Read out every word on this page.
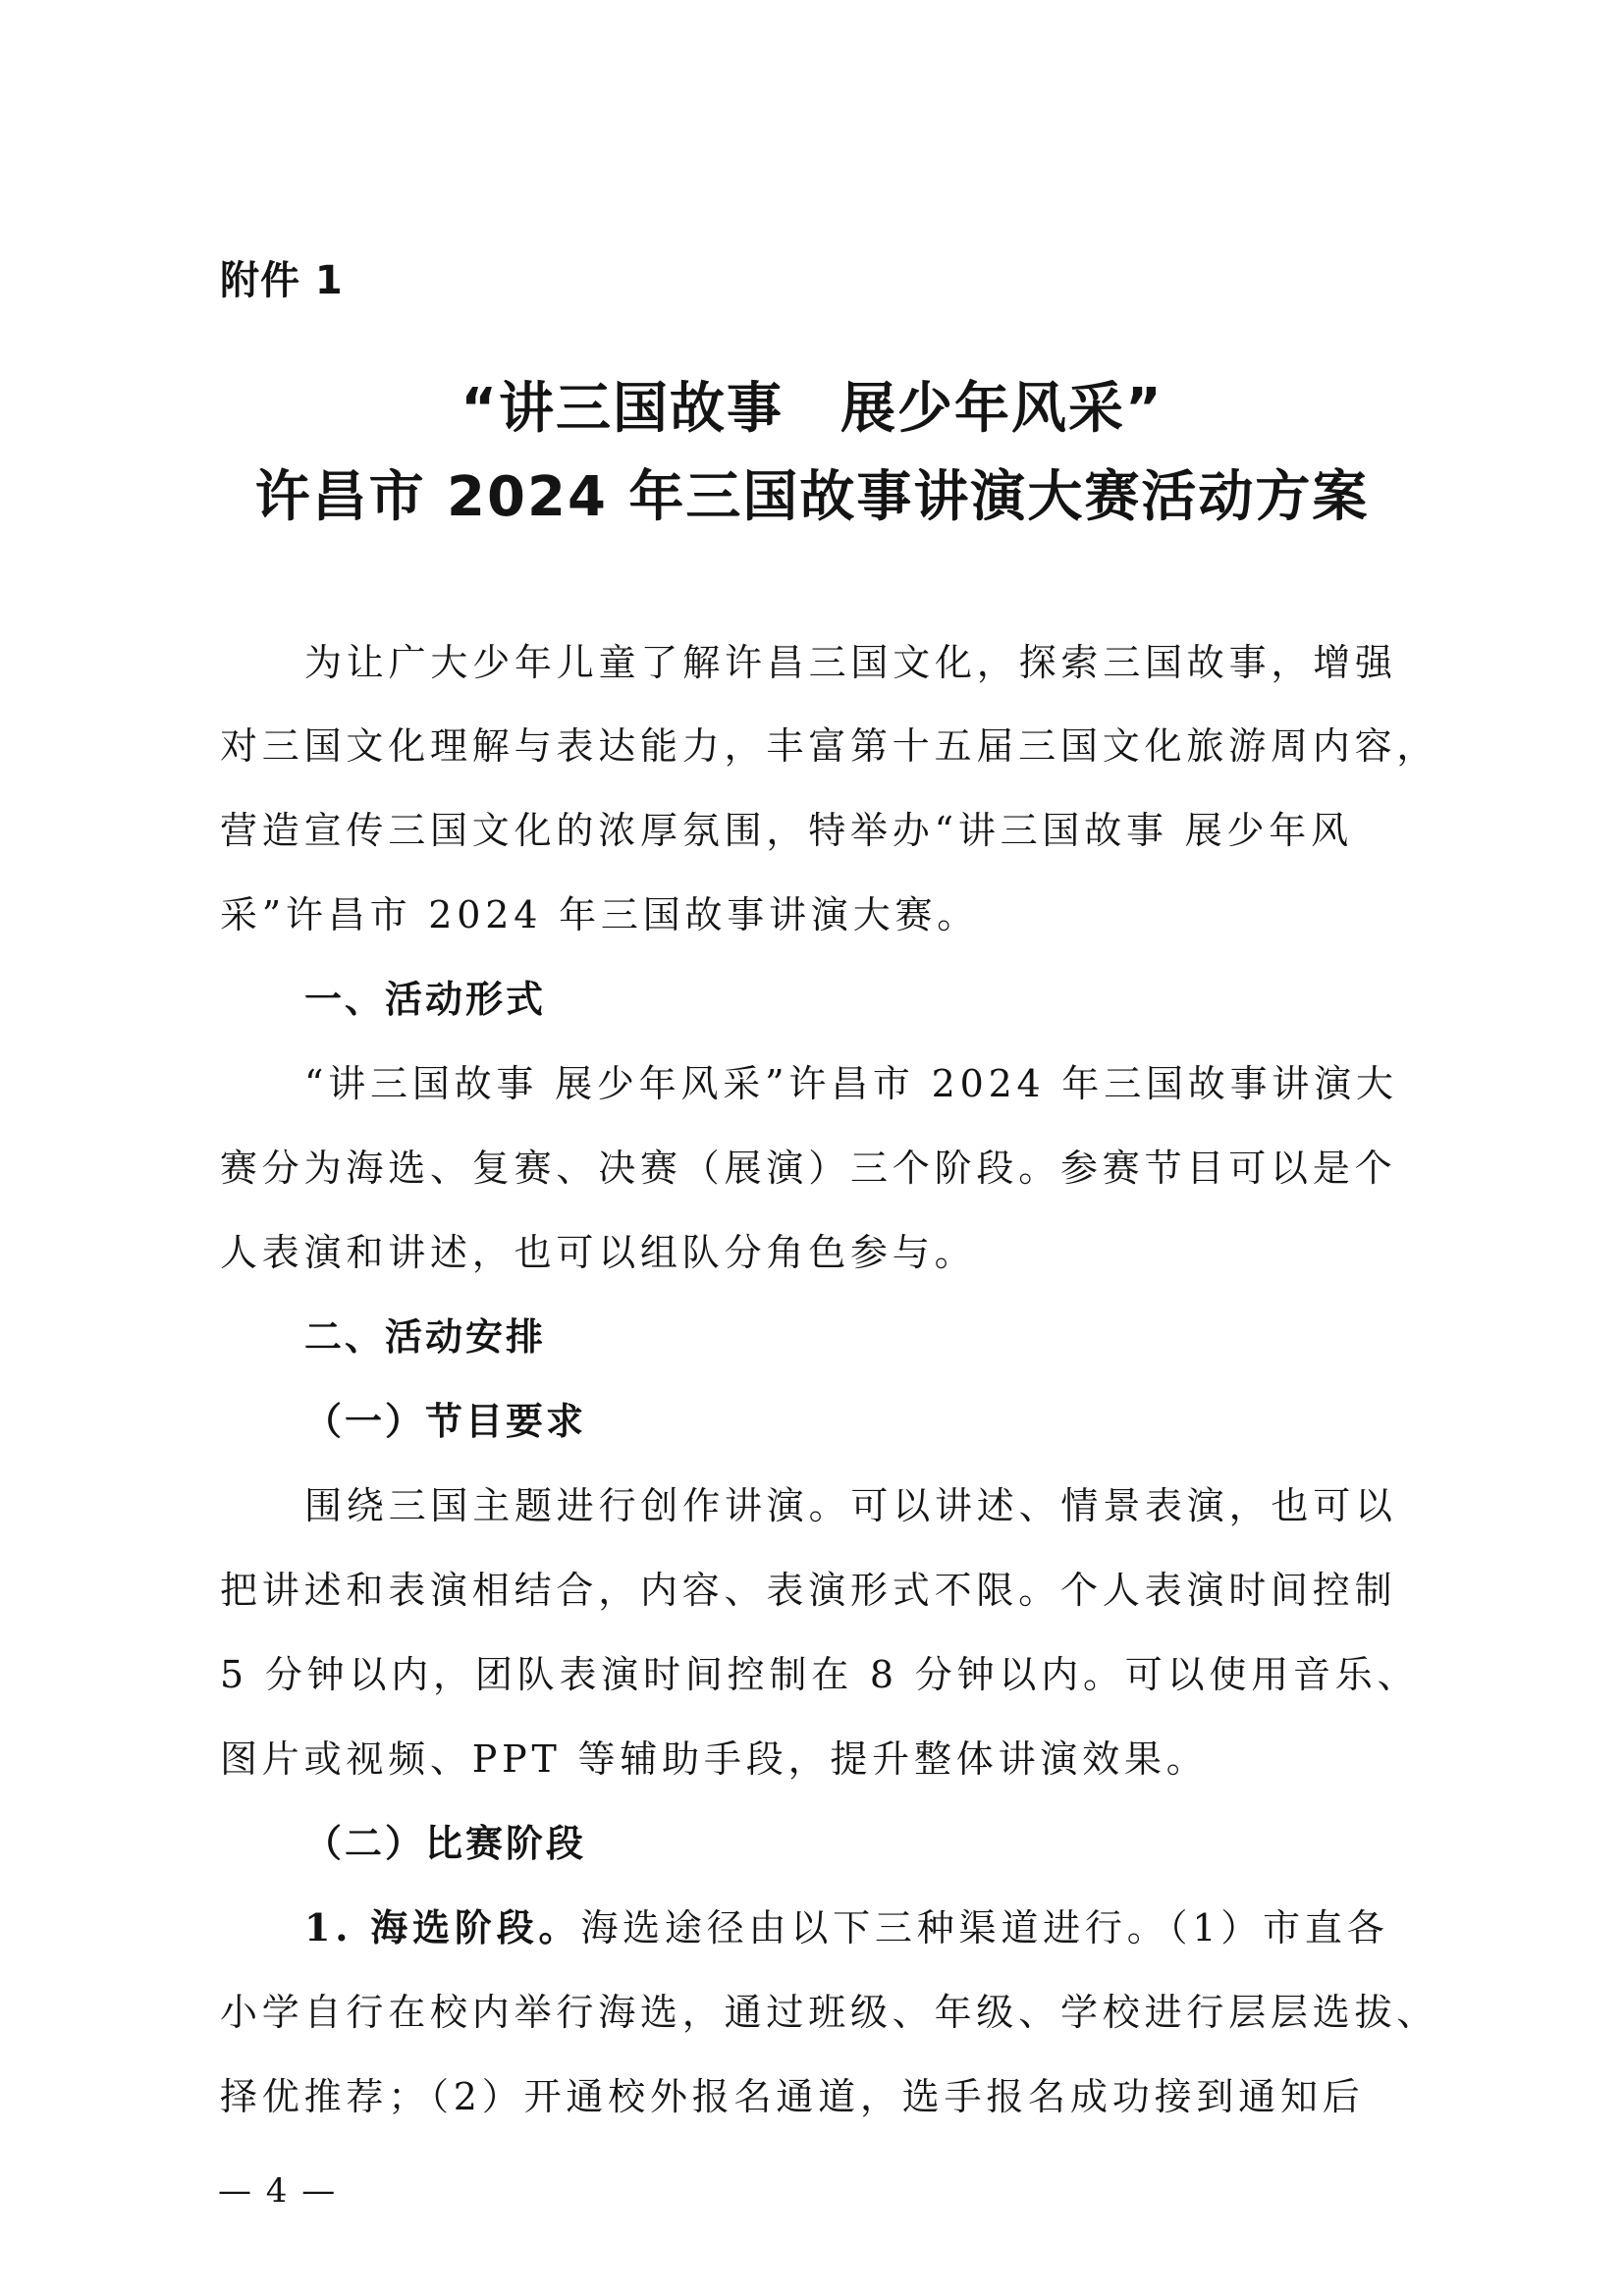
附件 1
“讲三国故事　展少年风采”
许昌市 2024 年三国故事讲演大赛活动方案
为让广大少年儿童了解许昌三国文化，探索三国故事，增强
对三国文化理解与表达能力，丰富第十五届三国文化旅游周内容，
营造宣传三国文化的浓厚氛围，特举办“讲三国故事 展少年风
采”许昌市 2024 年三国故事讲演大赛。
一、活动形式
“讲三国故事 展少年风采”许昌市 2024 年三国故事讲演大
赛分为海选、复赛、决赛（展演）三个阶段。参赛节目可以是个
人表演和讲述，也可以组队分角色参与。
二、活动安排
（一）节目要求
围绕三国主题进行创作讲演。可以讲述、情景表演，也可以
把讲述和表演相结合，内容、表演形式不限。个人表演时间控制
5 分钟以内，团队表演时间控制在 8 分钟以内。可以使用音乐、
图片或视频、PPT 等辅助手段，提升整体讲演效果。
（二）比赛阶段
1. 海选阶段。海选途径由以下三种渠道进行。（1）市直各
小学自行在校内举行海选，通过班级、年级、学校进行层层选拔、
择优推荐；（2）开通校外报名通道，选手报名成功接到通知后
— 4 —
